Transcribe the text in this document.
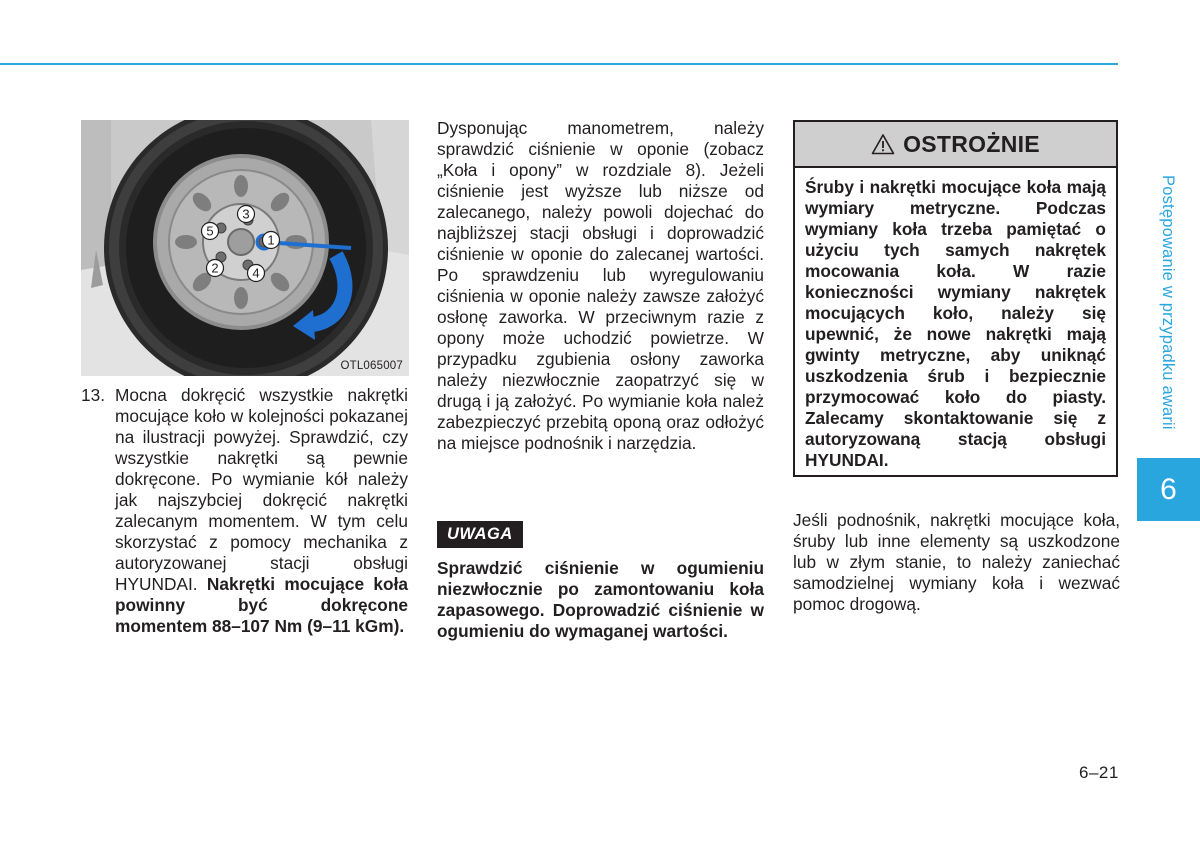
Postępowanie w przypadku awarii
6
1
2
3
4
5
OTL065007
13. Mocna dokręcić wszystkie nakrętki mocujące koło w kolejności pokazanej na ilustracji powyżej. Sprawdzić, czy wszystkie nakrętki są pewnie dokręcone. Po wymianie kół należy jak najszybciej dokręcić nakrętki zalecanym momentem. W tym celu skorzystać z pomocy mechanika z autoryzowanej stacji obsługi HYUNDAI. Nakrętki mocujące koła powinny być dokręcone momentem 88–107 Nm (9–11 kGm).
Dysponując manometrem, należy sprawdzić ciśnienie w oponie (zobacz „Koła i opony” w rozdziale 8). Jeżeli ciśnienie jest wyższe lub niższe od zalecanego, należy powoli dojechać do najbliższej stacji obsługi i doprowadzić ciśnienie w oponie do zalecanej wartości. Po sprawdzeniu lub wyregulowaniu ciśnienia w oponie należy zawsze założyć osłonę zaworka. W przeciwnym razie z opony może uchodzić powietrze. W przypadku zgubienia osłony zaworka należy niezwłocznie zaopatrzyć się w drugą i ją założyć. Po wymianie koła należ zabezpieczyć przebitą oponą oraz odłożyć na miejsce podnośnik i narzędzia.
UWAGA
Sprawdzić ciśnienie w ogumieniu niezwłocznie po zamontowaniu koła zapasowego. Doprowadzić ciśnienie w ogumieniu do wymaganej wartości.
OSTROŻNIE
Śruby i nakrętki mocujące koła mają wymiary metryczne. Podczas wymiany koła trzeba pamiętać o użyciu tych samych nakrętek mocowania koła. W razie konieczności wymiany nakrętek mocujących koło, należy się upewnić, że nowe nakrętki mają gwinty metryczne, aby uniknąć uszkodzenia śrub i bezpiecznie przymocować koło do piasty. Zalecamy skontaktowanie się z autoryzowaną stacją obsługi HYUNDAI.
Jeśli podnośnik, nakrętki mocujące koła, śruby lub inne elementy są uszkodzone lub w złym stanie, to należy zaniechać samodzielnej wymiany koła i wezwać pomoc drogową.
6–21
